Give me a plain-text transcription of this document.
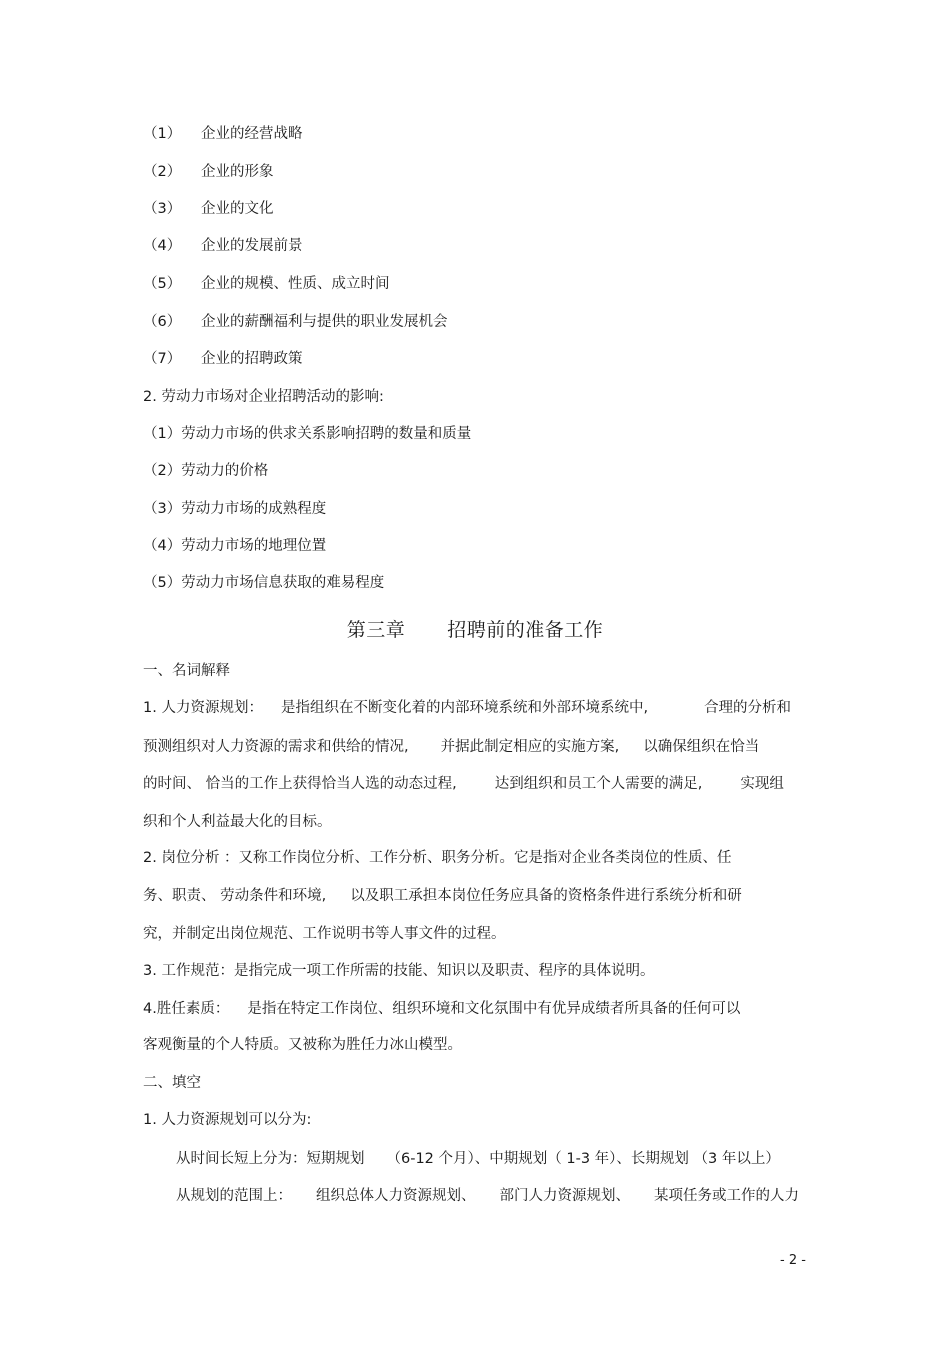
（1） 企业的经营战略
（2） 企业的形象
（3） 企业的文化
（4） 企业的发展前景
（5） 企业的规模、性质、成立时间
（6） 企业的薪酬福利与提供的职业发展机会
（7） 企业的招聘政策
2. 劳动力市场对企业招聘活动的影响:
（1）劳动力市场的供求关系影响招聘的数量和质量
（2）劳动力的价格
（3）劳动力市场的成熟程度
（4）劳动力市场的地理位置
（5）劳动力市场信息获取的难易程度
第三章 招聘前的准备工作
一、名词解释
1. 人力资源规划： 是指组织在不断变化着的内部环境系统和外部环境系统中,	合理的分析和
预测组织对人力资源的需求和供给的情况, 并据此制定相应的实施方案, 以确保组织在恰当
的时间、 恰当的工作上获得恰当人选的动态过程,	达到组织和员工个人需要的满足,	实现组
织和个人利益最大化的目标。
2. 岗位分析 ：又称工作岗位分析、工作分析、职务分析。它是指对企业各类岗位的性质、任
务、职责、 劳动条件和环境, 以及职工承担本岗位任务应具备的资格条件进行系统分析和研
究，并制定出岗位规范、工作说明书等人事文件的过程。
3. 工作规范：是指完成一项工作所需的技能、知识以及职责、程序的具体说明。
4.胜任素质： 是指在特定工作岗位、组织环境和文化氛围中有优异成绩者所具备的任何可以
客观衡量的个人特质。又被称为胜任力冰山模型。
二、填空
1. 人力资源规划可以分为:
从时间长短上分为：短期规划 （6-12 个月）、中期规划（ 1-3 年）、长期规划 （3 年以上）
从规划的范围上： 组织总体人力资源规划、 部门人力资源规划、 某项任务或工作的人力
- 2 -
